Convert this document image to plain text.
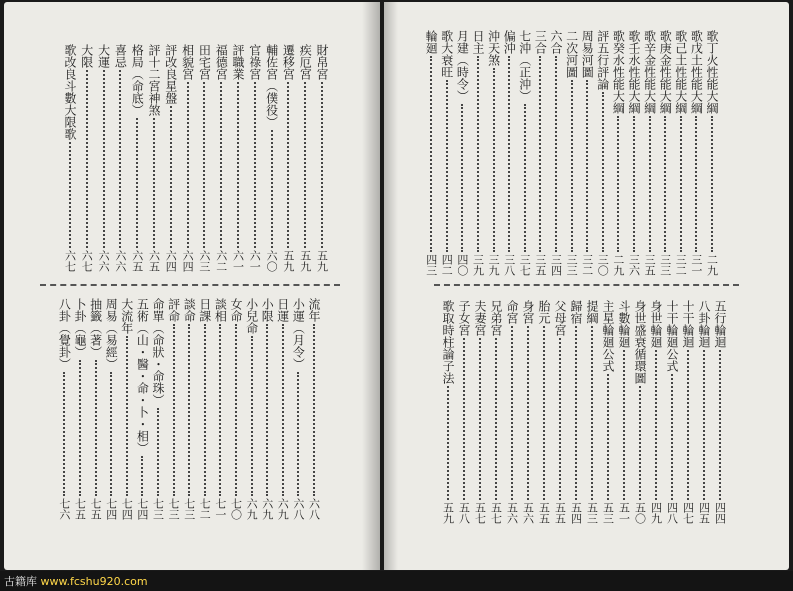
財帛宮
五九
疾厄宮
五九
遷移宮
五九
輔佐宮（僕役）
六〇
官祿宮
六一
評職業
六一
福德宮
六二
田宅宮
六三
相貌宮
六四
評改良星盤
六四
評十二宮神煞
六五
格局（命底）
六五
喜忌
六六
大運
六六
大限
六七
歌改良斗數大限歌
六七
流年
六八
小運（月令）
六八
日運
六九
小限
六九
小兒命
六九
女命
七〇
談相
七一
日課
七二
談命
七三
評命
七三
命單（命狀・命珠）
七三
五術（山・醫・命・卜・相）
七四
大流年
七四
周易（易經）
七四
抽籤（著）
七五
卜卦（龜）
七五
八卦（覺卦）
七六
歌丁火性能大綱
二九
歌戊土性能大綱
三一
歌己土性能大綱
三二
歌庚金性能大綱
三三
歌辛金性能大綱
三五
歌壬水性能大綱
三六
歌癸水性能大綱
二九
評五行評論
三〇
周易河圖
三二
二次河圖
三三
六合
三四
三合
三五
七沖（正沖）
三七
偏沖
三八
沖天煞
三九
日主
三九
月建（時令）
四〇
歌大衰旺
四二
輪廻
四三
五行輪迴
四四
八卦輪迴
四五
十干輪迴
四七
十干輪廻公式
四八
身世輪廻
四九
身世盛衰循環圖
五〇
斗數輪廻
五一
主星輪廻公式
五三
提綱
五三
歸宿
五四
父母宮
五五
胎元
五五
身宮
五六
命宮
五六
兄弟宮
五七
夫妻宮
五七
子女宮
五八
歌取時柱論子法
五九
古籍库 www.fcshu920.com
